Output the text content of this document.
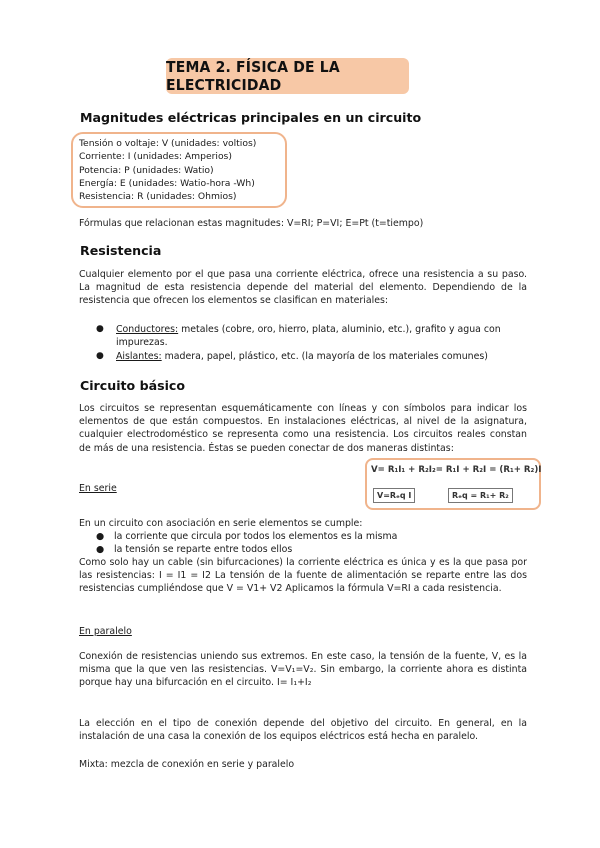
TEMA 2. FÍSICA DE LA ELECTRICIDAD
Magnitudes eléctricas principales en un circuito
Tensión o voltaje: V (unidades: voltios)
Corriente: I (unidades: Amperios)
Potencia: P (unidades: Watio)
Energía: E (unidades: Watio-hora -Wh)
Resistencia: R (unidades: Ohmios)
Fórmulas que relacionan estas magnitudes: V=RI; P=VI; E=Pt (t=tiempo)
Resistencia
Cualquier elemento por el que pasa una corriente eléctrica, ofrece una resistencia a su paso. La magnitud de esta resistencia depende del material del elemento. Dependiendo de la resistencia que ofrecen los elementos se clasifican en materiales:
● Conductores: metales (cobre, oro, hierro, plata, aluminio, etc.), grafito y agua con impurezas.
● Aislantes: madera, papel, plástico, etc. (la mayoría de los materiales comunes)
Circuito básico
Los circuitos se representan esquemáticamente con líneas y con símbolos para indicar los elementos de que están compuestos. En instalaciones eléctricas, al nivel de la asignatura, cualquier electrodoméstico se representa como una resistencia. Los circuitos reales constan de más de una resistencia. Éstas se pueden conectar de dos maneras distintas:
V= R₁I₁ + R₂I₂= R₁I + R₂I = (R₁+ R₂)I
V=Rₑq I	Rₑq = R₁+ R₂
En serie
En un circuito con asociación en serie elementos se cumple:
● la corriente que circula por todos los elementos es la misma
● la tensión se reparte entre todos ellos
Como solo hay un cable (sin bifurcaciones) la corriente eléctrica es única y es la que pasa por las resistencias: I = I1 = I2 La tensión de la fuente de alimentación se reparte entre las dos resistencias cumpliéndose que V = V1+ V2 Aplicamos la fórmula V=RI a cada resistencia.
En paralelo
Conexión de resistencias uniendo sus extremos. En este caso, la tensión de la fuente, V, es la misma que la que ven las resistencias. V=V₁=V₂. Sin embargo, la corriente ahora es distinta porque hay una bifurcación en el circuito. I= I₁+I₂
La elección en el tipo de conexión depende del objetivo del circuito. En general, en la instalación de una casa la conexión de los equipos eléctricos está hecha en paralelo.
Mixta: mezcla de conexión en serie y paralelo
